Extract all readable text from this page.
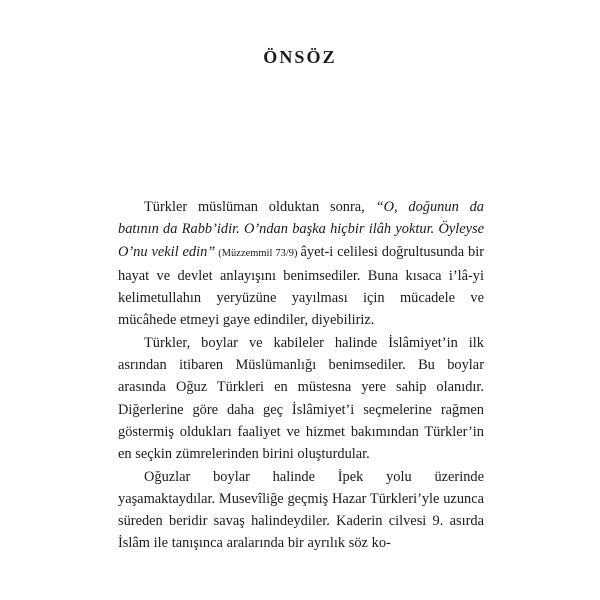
ÖNSÖZ

Türkler müslüman olduktan sonra, “O, doğunun da batının da Rabb’idir. O’ndan başka hiçbir ilâh yoktur. Öyleyse O’nu vekil edin” (Müzzemmil 73/9) âyet-i celilesi doğrultusunda bir hayat ve devlet anlayışını benimsediler. Buna kısaca i’lâ-yi kelimetullahın yeryüzüne yayılması için mücadele ve mücâhede etmeyi gaye edindiler, diyebiliriz.

Türkler, boylar ve kabileler halinde İslâmiyet’in ilk asrından itibaren Müslümanlığı benimsediler. Bu boylar arasında Oğuz Türkleri en müstesna yere sahip olanıdır. Diğerlerine göre daha geç İslâmiyet’i seçmelerine rağmen göstermiş oldukları faaliyet ve hizmet bakımından Türkler’in en seçkin zümrelerinden birini oluşturdular.

Oğuzlar boylar halinde İpek yolu üzerinde yaşamaktaydılar. Musevîliğe geçmiş Hazar Türkleri’yle uzunca süreden beridir savaş halindeydiler. Kaderin cilvesi 9. asırda İslâm ile tanışınca aralarında bir ayrılık söz ko-
